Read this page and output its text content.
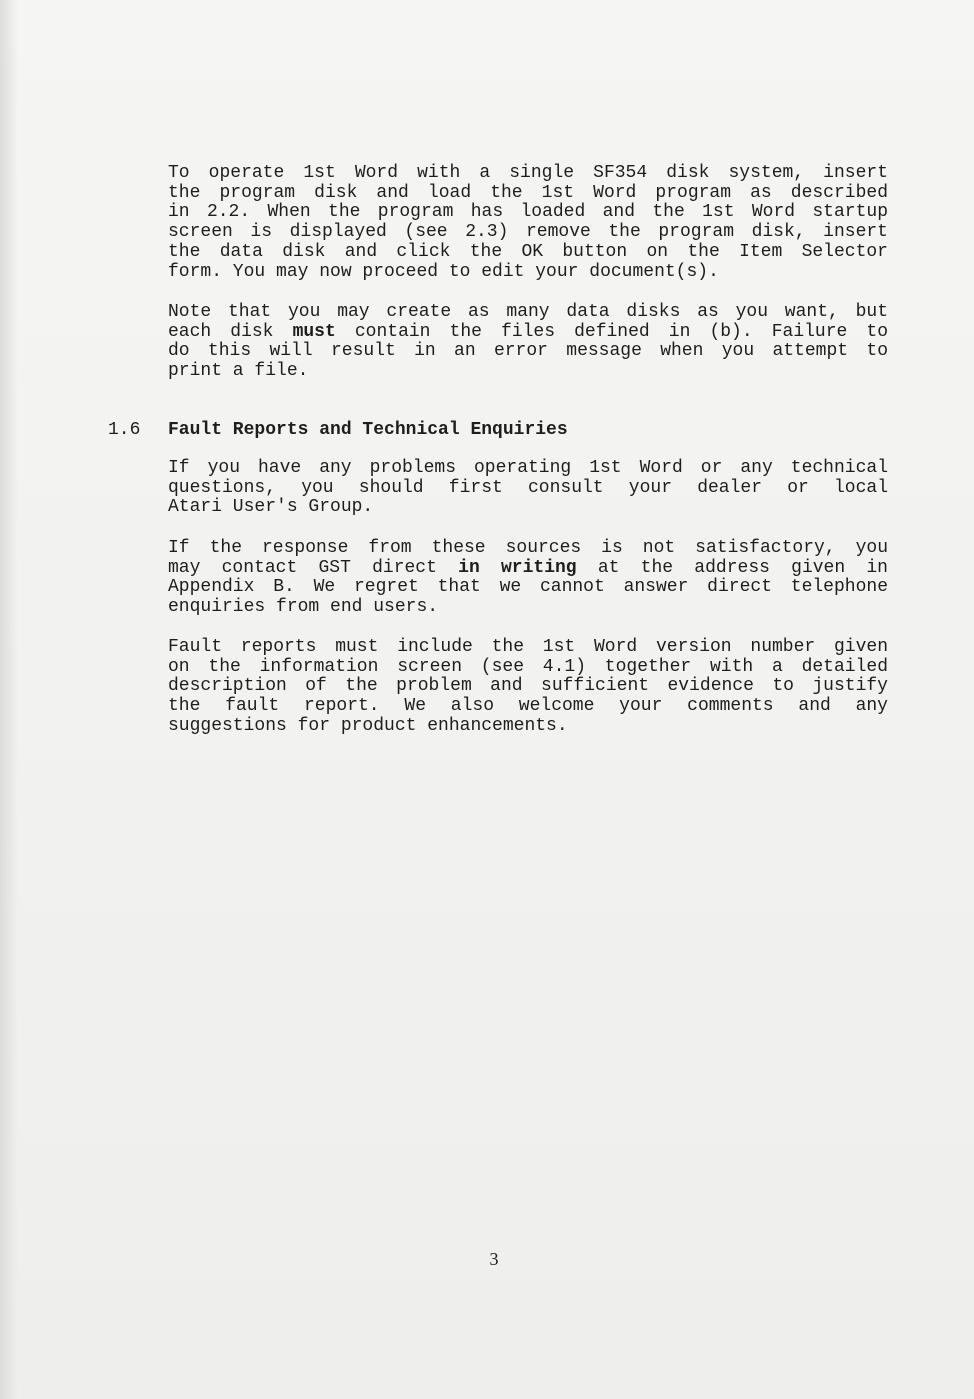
To operate 1st Word with a single SF354 disk system, insert
the program disk and load the 1st Word program as described
in 2.2. When the program has loaded and the 1st Word startup
screen is displayed (see 2.3) remove the program disk, insert
the data disk and click the OK button on the Item Selector
form. You may now proceed to edit your document(s).
Note that you may create as many data disks as you want, but
each disk must contain the files defined in (b). Failure to
do this will result in an error message when you attempt to
print a file.
1.6 Fault Reports and Technical Enquiries
If you have any problems operating 1st Word or any technical
questions, you should first consult your dealer or local
Atari User's Group.
If the response from these sources is not satisfactory, you
may contact GST direct in writing at the address given in
Appendix B. We regret that we cannot answer direct telephone
enquiries from end users.
Fault reports must include the 1st Word version number given
on the information screen (see 4.1) together with a detailed
description of the problem and sufficient evidence to justify
the fault report. We also welcome your comments and any
suggestions for product enhancements.
3
